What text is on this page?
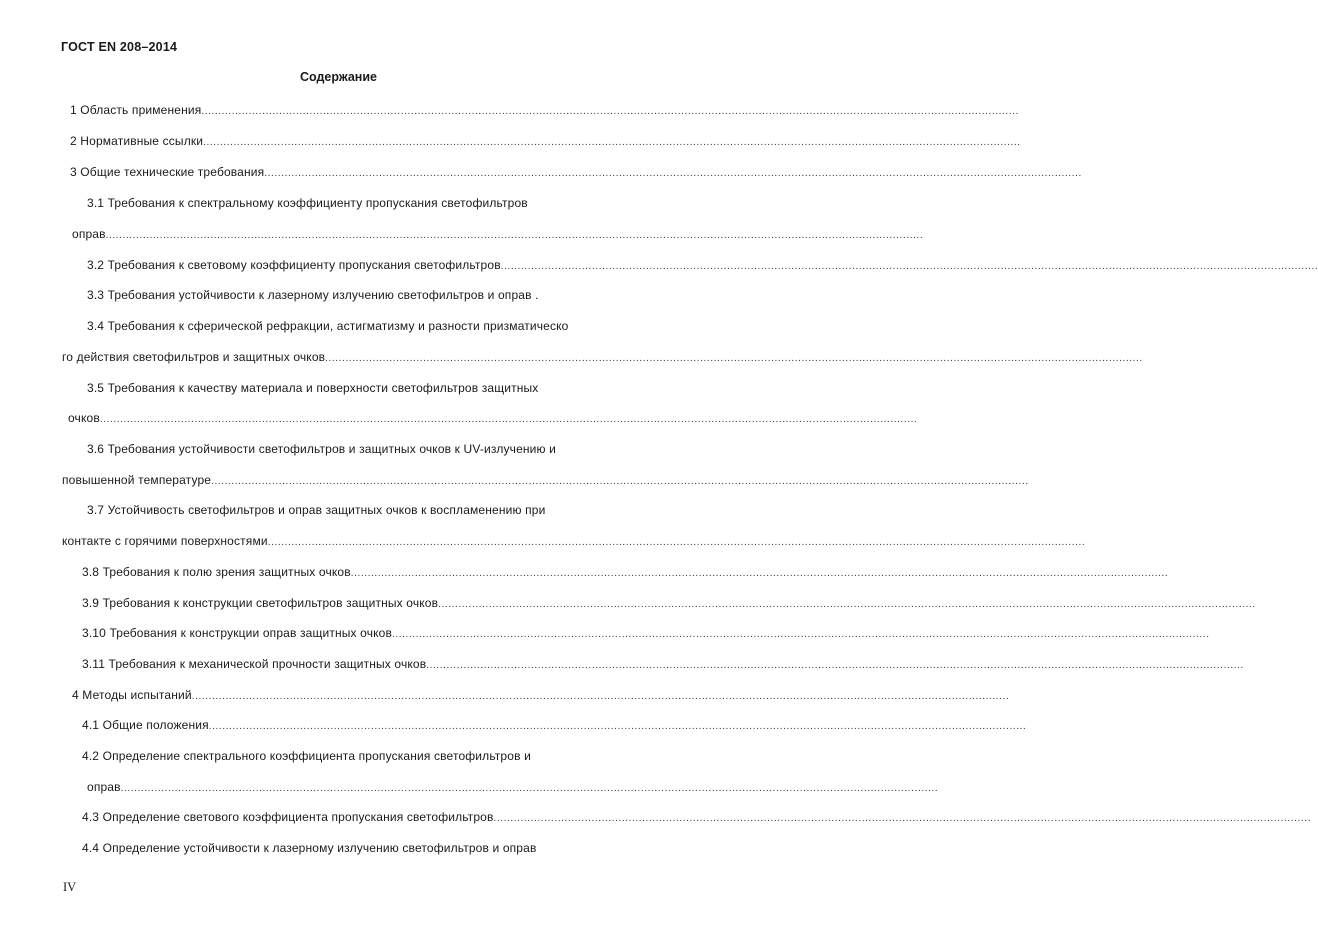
ГОСТ EN 208–2014
Содержание
1 Область применения ..................................................................................................................................................................................................................................................
2 Нормативные ссылки ..................................................................................................................................................................................................................................................
3 Общие технические требования ..................................................................................................................................................................................................................................................
3.1 Требования к спектральному коэффициенту пропускания светофильтров
оправ ..................................................................................................................................................................................................................................................
3.2 Требования к световому коэффициенту пропускания светофильтров ..................................................................................................................................................................................................................................................
3.3 Требования устойчивости к лазерному излучению светофильтров и оправ .
3.4 Требования к сферической рефракции, астигматизму и разности призматическо
го действия светофильтров и защитных очков ..................................................................................................................................................................................................................................................
3.5 Требования к качеству материала и поверхности светофильтров защитных
очков ..................................................................................................................................................................................................................................................
3.6 Требования устойчивости светофильтров и защитных очков к UV-излучению и
повышенной температуре ..................................................................................................................................................................................................................................................
3.7 Устойчивость светофильтров и оправ защитных очков к воспламенению при
контакте с горячими поверхностями ..................................................................................................................................................................................................................................................
3.8 Требования к полю зрения защитных очков ..................................................................................................................................................................................................................................................
3.9 Требования к конструкции светофильтров защитных очков ..................................................................................................................................................................................................................................................
3.10 Требования к конструкции оправ защитных очков ..................................................................................................................................................................................................................................................
3.11 Требования к механической прочности защитных очков ..................................................................................................................................................................................................................................................
4 Методы испытаний ..................................................................................................................................................................................................................................................
4.1 Общие положения ..................................................................................................................................................................................................................................................
4.2 Определение спектрального коэффициента пропускания светофильтров и
оправ ..................................................................................................................................................................................................................................................
4.3 Определение светового коэффициента пропускания светофильтров ..................................................................................................................................................................................................................................................
4.4 Определение устойчивости к лазерному излучению светофильтров и оправ
IV
